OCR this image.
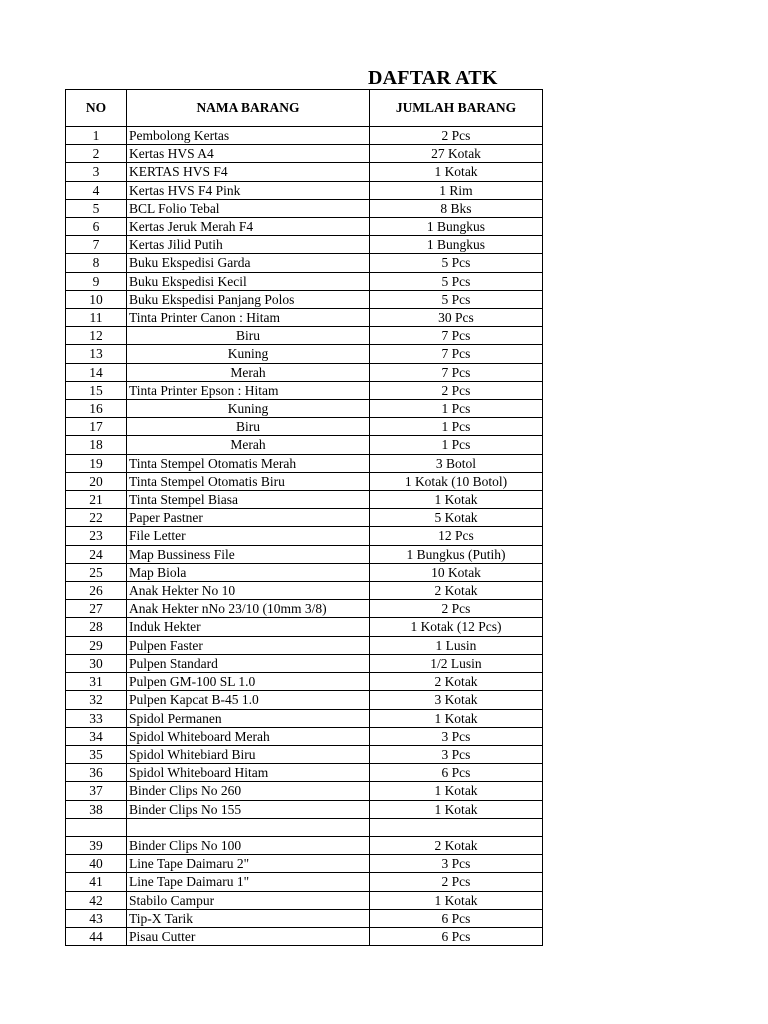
DAFTAR ATK
NO	NAMA BARANG	JUMLAH BARANG
1	Pembolong Kertas	2 Pcs
2	Kertas HVS A4	27 Kotak
3	KERTAS HVS F4	1 Kotak
4	Kertas HVS F4 Pink	1 Rim
5	BCL Folio Tebal	8 Bks
6	Kertas Jeruk Merah F4	1 Bungkus
7	Kertas Jilid Putih	1 Bungkus
8	Buku Ekspedisi Garda	5 Pcs
9	Buku Ekspedisi Kecil	5 Pcs
10	Buku Ekspedisi Panjang Polos	5 Pcs
11	Tinta Printer Canon : Hitam	30 Pcs
12	Biru	7 Pcs
13	Kuning	7 Pcs
14	Merah	7 Pcs
15	Tinta Printer Epson : Hitam	2 Pcs
16	Kuning	1 Pcs
17	Biru	1 Pcs
18	Merah	1 Pcs
19	Tinta Stempel Otomatis Merah	3 Botol
20	Tinta Stempel Otomatis Biru	1 Kotak (10 Botol)
21	Tinta Stempel Biasa	1 Kotak
22	Paper Pastner	5 Kotak
23	File Letter	12 Pcs
24	Map Bussiness File	1 Bungkus (Putih)
25	Map Biola	10 Kotak
26	Anak Hekter No 10	2 Kotak
27	Anak Hekter nNo 23/10 (10mm 3/8)	2 Pcs
28	Induk Hekter	1 Kotak (12 Pcs)
29	Pulpen Faster	1 Lusin
30	Pulpen Standard	1/2 Lusin
31	Pulpen GM-100 SL 1.0	2 Kotak
32	Pulpen Kapcat B-45 1.0	3 Kotak
33	Spidol Permanen	1 Kotak
34	Spidol Whiteboard Merah	3 Pcs
35	Spidol Whitebiard Biru	3 Pcs
36	Spidol Whiteboard Hitam	6 Pcs
37	Binder Clips No 260	1 Kotak
38	Binder Clips No 155	1 Kotak

39	Binder Clips No 100	2 Kotak
40	Line Tape Daimaru 2"	3 Pcs
41	Line Tape Daimaru 1"	2 Pcs
42	Stabilo Campur	1 Kotak
43	Tip-X Tarik	6 Pcs
44	Pisau Cutter	6 Pcs
